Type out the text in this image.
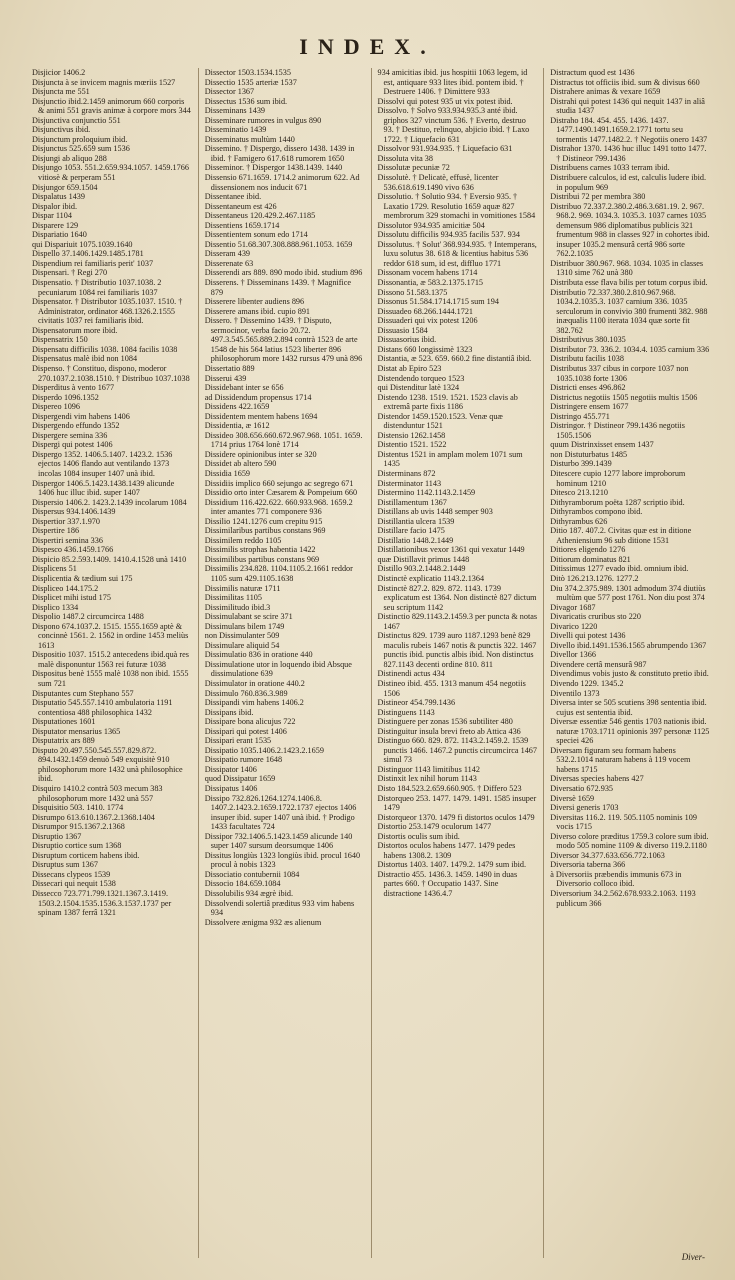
INDEX.
Disjicior 1406.2
Disjuncta à se invicem magnis mœriis 1527
Disjuncta me 551
Disjunctio ibid.2.1459 animorum 660 corporis & animi 551 gravis animæ à corpore mors 344
Disjunctiva conjunctio 551
Disjunctivus ibid.
Disjunctum proloquium ibid.
Disjunctus 525.659 sum 1536
Disjungi ab aliquo 288
Disjungo 1053. 551.2.659.934.1057. 1459.1766 vitiosè & perperam 551
Disjungor 659.1504
Dispalatus 1439
Dispalor ibid.
Dispar 1104
Disparere 129
Dispariatio 1640
qui Dispariuit 1075.1039.1640
Dispello 37.1406.1429.1485.1781
Dispendium rei familiaris perit' 1037
Dispensari. † Regi 270
Dispensatio. † Distributio 1037.1038. 2 pecuniarum 1084 rei familiaris 1037
Dispensator. † Distributor 1035.1037. 1510. † Administrator, ordinator 468.1326.2.1555 civitatis 1037 rei familiaris ibid.
Dispensatorum more ibid.
Dispensatrix 150
Dispensatu difficilis 1038. 1084 facilis 1038
Dispensatus malè ibid non 1084
Dispenso. † Constituo, dispono, moderor 270.1037.2.1038.1510. † Distribuo 1037.1038
Disperditus à vento 1677
Disperdo 1096.1352
Dispereo 1096
Dispergendi vim habens 1406
Dispergendo effundo 1352
Dispergere semina 336
Dispergi qui potest 1406
Dispergo 1352. 1406.5.1407. 1423.2. 1536 ejectos 1406 flando aut ventilando 1373 incolas 1084 insuper 1407 unà ibid.
Dispergor 1406.5.1423.1438.1439 alicunde 1406 huc illuc ibid. super 1407
Dispersio 1406.2. 1423.2.1439 incolarum 1084
Dispersus 934.1406.1439
Dispertior 337.1.970
Dispertire 186
Dispertiri semina 336
Dispesco 436.1459.1766
Dispicio 85.2.593.1409. 1410.4.1528 unà 1410
Displicens 51
Displicentia & tædium sui 175
Displiceo 144.175.2
Displicet mihi istud 175
Displico 1334
Dispolio 1487.2 circumcirca 1488
Dispono 674.1037.2. 1515. 1555.1659 aptè & concinnè 1561. 2. 1562 in ordine 1453 meliùs 1613
Dispositio 1037. 1515.2 antecedens ibid.quà res malè disponuntur 1563 rei futuræ 1038
Dispositus benè 1555 malè 1038 non ibid. 1555 sum 721
Disputantes cum Stephano 557
Disputatio 545.557.1410 ambulatoria 1191 contentiosa 488 philosophica 1432
Disputationes 1601
Disputator mensarius 1365
Disputatrix ars 889
Disputo 20.497.550.545.557.829.872. 894.1432.1459 denuò 549 exquisitè 910 philosophorum more 1432 unà philosophice ibid.
Disquiro 1410.2 contrà 503 mecum 383 philosophorum more 1432 unà 557
Disquisitio 503. 1410. 1774
Disrumpo 613.610.1367.2.1368.1404
Disrumpor 915.1367.2.1368
Disruptio 1367
Disruptio cortice sum 1368
Disruptum corticem habens ibid.
Disruptus sum 1367
Dissecans clypeos 1539
Dissecari qui nequit 1538
Dissecco 723.771.799.1321.1367.3.1419. 1503.2.1504.1535.1536.3.1537.1737 per spinam 1387 ferrâ 1321
Dissector 1503.1534.1535
Dissectio 1535 arteriæ 1537
Dissector 1367
Dissectus 1536 sum ibid.
Disseminans 1439
Disseminare rumores in vulgus 890
Disseminatio 1439
Disseminatus multùm 1440
Dissemino. † Dispergo, dissero 1438. 1439 in ibid. † Famigero 617.618 rumorem 1650
Disseminor. † Dispergor 1438.1439. 1440
Dissensio 671.1659. 1714.2 animorum 622. Ad dissensionem nos inducit 671
Dissentanee ibid.
Dissentaneum est 426
Dissentaneus 120.429.2.467.1185
Dissentiens 1659.1714
Dissentientem sonum edo 1714
Dissentio 51.68.307.308.888.961.1053. 1659
Disseram 439
Disserenate 63
Disserendi ars 889. 890 modo ibid. studium 896
Disserens. † Disseminans 1439. † Magnifice 879
Disserere libenter audiens 896
Disserere amans ibid. cupio 891
Dissero. † Dissemino 1439. † Disputo, sermocinor, verba facio 20.72. 497.3.545.565.889.2.894 contrà 1523 de arte 1548 de his 564 latius 1523 liberter 896 philosophorum more 1432 rursus 479 unà 896
Dissertatio 889
Disserui 439
Dissidebant inter se 656
ad Dissidendum propensus 1714
Dissidens 422.1659
Dissidentem mentem habens 1694
Dissidentia, æ 1612
Dissideo 308.656.660.672.967.968. 1051. 1659. 1714 prius 1764 lonè 1714
Dissidere opinionibus inter se 320
Dissidet ab altero 590
Dissidia 1659
Dissidiis implico 660 sejungo ac segrego 671
Dissidio orto inter Cæsarem & Pompeium 660
Dissidium 116.422.622. 660.933.968. 1659.2 inter amantes 771 componere 936
Dissilio 1241.1276 cum crepitu 915
Dissimilaribus partibus constans 969
Dissimilem reddo 1105
Dissimilis strophas habentia 1422
Dissimilibus partibus constans 969
Dissimilis 234.828. 1104.1105.2.1661 reddor 1105 sum 429.1105.1638
Dissimilis naturæ 1711
Dissimilitas 1105
Dissimilitudo ibid.3
Dissimulabant se scire 371
Dissimulans bilem 1749
non Dissimulanter 509
Dissimulare aliquid 54
Dissimulatio 836 in oratione 440
Dissimulatione utor in loquendo ibid Absque dissimulatione 639
Dissimulator in oratione 440.2
Dissimulo 760.836.3.989
Dissipandi vim habens 1406.2
Dissipans ibid.
Dissipare bona alicujus 722
Dissipari qui potest 1406
Dissipari erant 1535
Dissipatio 1035.1406.2.1423.2.1659
Dissipatio rumore 1648
Dissipator 1406
quod Dissipatur 1659
Dissipatus 1406
Dissipo 732.826.1264.1274.1406.8. 1407.2.1423.2.1659.1722.1737 ejectos 1406 insuper ibid. super 1407 unà ibid. † Prodigo 1433 facultates 724
Dissipor 732.1406.5.1423.1459 alicunde 140 super 1407 sursum deorsumque 1406
Dissitus longiùs 1323 longiùs ibid. procul 1640 procul à nobis 1323
Dissociatio contubernii 1084
Dissocio 184.659.1084
Dissolubilis 934 ægrè ibid.
Dissolvendi solertiâ præditus 933 vim habens 934
Dissolvere ænigma 932 æs alienum
934 amicitias ibid. jus hospitii 1063 legem, id est, antiquare 933 lites ibid. pontem ibid. † Destruere 1406. † Dimittere 933
Dissolvi qui potest 935 ut vix potest ibid.
Dissolvo. † Solvo 933.934.935.3 anté ibid. griphos 327 vinctum 536. † Everto, destruo 93. † Destituo, relinquo, abjicio ibid. † Laxo 1722. † Liquefacio 631
Dissolvor 931.934.935. † Liquefacio 631
Dissoluta vita 38
Dissolutæ pecuniæ 72
Dissolutè. † Delicatè, effusè, licenter 536.618.619.1490 vivo 636
Dissolutio. † Solutio 934. † Eversio 935. † Laxatio 1729. Resolutio 1659 aquæ 827 membrorum 329 stomachi in vomitiones 1584
Dissolutor 934.935 amicitiæ 504
Dissolutu difficilis 934.935 facilis 537. 934
Dissolutus. † Solut' 368.934.935. † Intemperans, luxu solutus 38. 618 & licentius habitus 536 reddor 618 sum, id est, diffluo 1771
Dissonam vocem habens 1714
Dissonantia, æ 583.2.1375.1715
Dissono 51.583.1375
Dissonus 51.584.1714.1715 sum 194
Dissuadeo 68.266.1444.1721
Dissuaderi qui vix potest 1206
Dissuasio 1584
Dissuasorius ibid.
Distans 660 longissimè 1323
Distantia, æ 523. 659. 660.2 fine distantiâ ibid.
Distat ab Epiro 523
Distendendo torqueo 1523
qui Distenditur latè 1324
Distendo 1238. 1519. 1521. 1523 clavis ab extremâ parte fixis 1186
Distendor 1459.1520.1523. Venæ quæ distenduntur 1521
Distensio 1262.1458
Distentio 1521. 1522
Distentus 1521 in amplam molem 1071 sum 1435
Disterminans 872
Disterminator 1143
Distermino 1142.1143.2.1459
Distillamentum 1367
Distillans ab uvis 1448 semper 903
Distillantia ulcera 1539
Distillare facio 1475
Distillatio 1448.2.1449
Distillationibus vexor 1361 qui vexatur 1449
quæ Distillavit primus 1448
Distillo 903.2.1448.2.1449
Distinctè explicatio 1143.2.1364
Distinctè 827.2. 829. 872. 1143. 1739 explicatum est 1364. Non distinctè 827 dictum seu scriptum 1142
Distinctio 829.1143.2.1459.3 per puncta & notas 1467
Distinctus 829. 1739 auro 1187.1293 benè 829 maculis rubeis 1467 notis & punctis 322. 1467 punctis ibid. punctis albis ibid. Non distinctus 827.1143 decenti ordine 810. 811
Distinendi actus 434
Distineo ibid. 455. 1313 manum 454 negotiis 1506
Distineor 454.799.1436
Distinguens 1143
Distinguere per zonas 1536 subtiliter 480
Distinguitur insula brevi freto ab Attica 436
Distinguo 660. 829. 872. 1143.2.1459.2. 1539 punctis 1466. 1467.2 punctis circumcirca 1467 simul 73
Distinguor 1143 limitibus 1142
Distinxit lex nihil horum 1143
Disto 184.523.2.659.660.905. † Differo 523
Distorqueo 253. 1477. 1479. 1491. 1585 insuper 1479
Distorqueor 1370. 1479 fi distortos oculos 1479
Distortio 253.1479 oculorum 1477
Distortis oculis sum ibid.
Distortos oculos habens 1477. 1479 pedes habens 1308.2. 1309
Distortus 1403. 1407. 1479.2. 1479 sum ibid.
Distractio 455. 1436.3. 1459. 1490 in duas partes 660. † Occupatio 1437. Sine distractione 1436.4.7
Distractum quod est 1436
Distractus tot officiis ibid. sum & divisus 660
Distrahere animas & vexare 1659
Distrahi qui potest 1436 qui nequit 1437 in aliâ studia 1437
Distraho 184. 454. 455. 1436. 1437. 1477.1490.1491.1659.2.1771 tortu seu tormentis 1477.1482.2. † Negotiis onero 1437
Distrahor 1370. 1436 huc illuc 1491 totto 1477. † Distineor 799.1436
Distribuens carnes 1033 terram ibid.
Distribuere calculos, id est, calculis ludere ibid. in populum 969
Distribui 72 per membra 380
Distribuo 72.337.2.380.2.486.3.681.19. 2. 967. 968.2. 969. 1034.3. 1035.3. 1037 carnes 1035 demensum 986 diplomatibus publicis 321 frumentum 988 in classes 927 in cohortes ibid. insuper 1035.2 mensurâ certâ 986 sorte 762.2.1035
Distribuor 380.967. 968. 1034. 1035 in classes 1310 sime 762 unà 380
Distributa esse flava bilis per totum corpus ibid.
Distributio 72.337.380.2.810.967.968. 1034.2.1035.3. 1037 carnium 336. 1035 serculorum in convivio 380 frumenti 382. 988 inæqualis 1100 iterata 1034 quæ sorte fit 382.762
Distributivus 380.1035
Distributor 73. 336.2. 1034.4. 1035 carnium 336
Distributu facilis 1038
Distributus 337 cibus in corpore 1037 non 1035.1038 forte 1306
Districti enses 496.862
Districtus negotiis 1505 negotiis multis 1506
Distringere ensem 1677
Distringo 455.771
Distringor. † Distineor 799.1436 negotiis 1505.1506
quum Distrinxisset ensem 1437
non Distuturbatus 1485
Disturbo 399.1439
Ditescere cupio 1277 labore improborum hominum 1210
Ditesco 213.1210
Dithyramborum poëta 1287 scriptio ibid.
Dithyrambos compono ibid.
Dithyrambus 626
Ditio 187. 407.2. Civitas quæ est in ditione Atheniensium 96 sub ditione 1531
Ditiores eligendo 1276
Ditiorum dominatus 821
Ditissimus 1277 evado ibid. omnium ibid.
Ditò 126.213.1276. 1277.2
Diu 374.2.375.989. 1301 admodum 374 diutiùs multùm que 577 post 1761. Non diu post 374
Divagor 1687
Divaricatis cruribus sto 220
Divarico 1220
Divelli qui potest 1436
Divello ibid.1491.1536.1565 abrumpendo 1367
Divellor 1366
Divendere certâ mensurâ 987
Divendimus vobis justo & constituto pretio ibid.
Divendo 1229. 1345.2
Diventilo 1373
Diversa inter se 505 scutiens 398 sententia ibid. cujus est sententia ibid.
Diversæ essentiæ 546 gentis 1703 nationis ibid. naturæ 1703.1711 opinionis 397 personæ 1125 speciei 426
Diversam figuram seu formam habens 532.2.1014 naturam habens à 119 vocem habens 1715
Diversas species habens 427
Diversatio 672.935
Diversè 1659
Diversi generis 1703
Diversitas 116.2. 119. 505.1105 nominis 109 vocis 1715
Diverso colore præditus 1759.3 colore sum ibid. modo 505 nomine 1109 & diverso 119.2.1180
Diversor 34.377.633.656.772.1063
Diversoria taberna 366
à Diversoriis præbendis immunis 673 in Diversorio colloco ibid.
Diversorium 34.2.562.678.933.2.1063. 1193 publicum 366
Diver-
